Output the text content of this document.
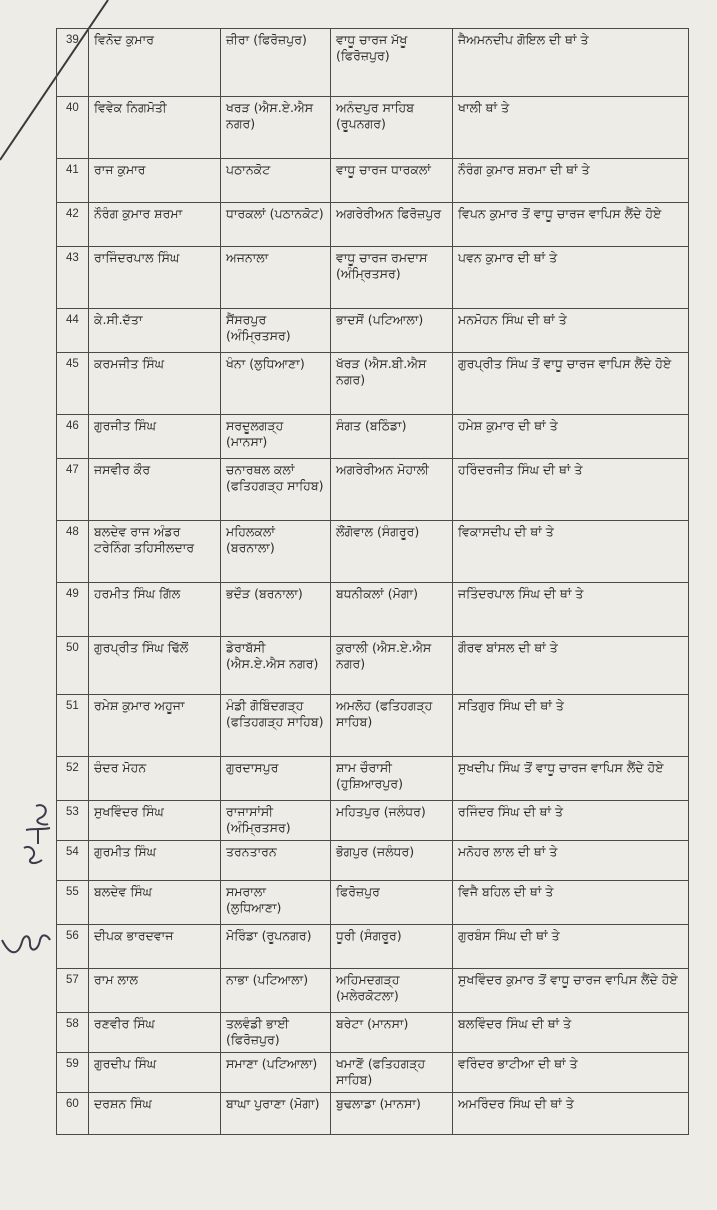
39	ਵਿਨੋਦ ਕੁਮਾਰ	ਜ਼ੀਰਾ (ਫਿਰੋਜ਼ਪੁਰ)	ਵਾਧੂ ਚਾਰਜ ਮੱਖੂ (ਫਿਰੋਜ਼ਪੁਰ)	ਜੈਅਮਨਦੀਪ ਗੋਇਲ ਦੀ ਥਾਂ ਤੇ
40	ਵਿਵੇਕ ਨਿਗਮੋਤੀ	ਖਰੜ (ਐਸ.ਏ.ਐਸ ਨਗਰ)	ਅਨੰਦਪੁਰ ਸਾਹਿਬ (ਰੂਪਨਗਰ)	ਖਾਲੀ ਥਾਂ ਤੇ
41	ਰਾਜ ਕੁਮਾਰ	ਪਠਾਨਕੋਟ	ਵਾਧੂ ਚਾਰਜ ਧਾਰਕਲਾਂ	ਨੌਰੰਗ ਕੁਮਾਰ ਸ਼ਰਮਾ ਦੀ ਥਾਂ ਤੇ
42	ਨੌਰੰਗ ਕੁਮਾਰ ਸ਼ਰਮਾ	ਧਾਰਕਲਾਂ (ਪਠਾਨਕੋਟ)	ਅਗਰੇਰੀਅਨ ਫਿਰੋਜ਼ਪੁਰ	ਵਿਪਨ ਕੁਮਾਰ ਤੋਂ ਵਾਧੂ ਚਾਰਜ ਵਾਪਿਸ ਲੈਂਦੇ ਹੋਏ
43	ਰਾਜਿੰਦਰਪਾਲ ਸਿੰਘ	ਅਜਨਾਲਾ	ਵਾਧੂ ਚਾਰਜ ਰਮਦਾਸ (ਅੰਮ੍ਰਿਤਸਰ)	ਪਵਨ ਕੁਮਾਰ ਦੀ ਥਾਂ ਤੇ
44	ਕੇ.ਸੀ.ਦੱਤਾ	ਸੈਂਸਰਪੁਰ (ਅੰਮ੍ਰਿਤਸਰ)	ਭਾਦਸੋਂ (ਪਟਿਆਲਾ)	ਮਨਮੋਹਨ ਸਿੰਘ ਦੀ ਥਾਂ ਤੇ
45	ਕਰਮਜੀਤ ਸਿੰਘ	ਖੰਨਾ (ਲੁਧਿਆਣਾ)	ਖੱਰੜ (ਐਸ.ਬੀ.ਐਸ ਨਗਰ)	ਗੁਰਪ੍ਰੀਤ ਸਿੰਘ ਤੋਂ ਵਾਧੂ ਚਾਰਜ ਵਾਪਿਸ ਲੈਂਦੇ ਹੋਏ
46	ਗੁਰਜੀਤ ਸਿੰਘ	ਸਰਦੂਲਗੜ੍ਹ (ਮਾਨਸਾ)	ਸੰਗਤ (ਬਠਿੰਡਾ)	ਹਮੇਸ਼ ਕੁਮਾਰ ਦੀ ਥਾਂ ਤੇ
47	ਜਸਵੀਰ ਕੌਰ	ਚਨਾਰਥਲ ਕਲਾਂ (ਫਤਿਹਗੜ੍ਹ ਸਾਹਿਬ)	ਅਗਰੇਰੀਅਨ ਮੋਹਾਲੀ	ਹਰਿੰਦਰਜੀਤ ਸਿੰਘ ਦੀ ਥਾਂ ਤੇ
48	ਬਲਦੇਵ ਰਾਜ ਅੰਡਰ ਟਰੇਨਿੰਗ ਤਹਿਸੀਲਦਾਰ	ਮਹਿਲਕਲਾਂ (ਬਰਨਾਲਾ)	ਲੌਂਗੋਵਾਲ (ਸੰਗਰੂਰ)	ਵਿਕਾਸਦੀਪ ਦੀ ਥਾਂ ਤੇ
49	ਹਰਮੀਤ ਸਿੰਘ ਗਿੱਲ	ਭਦੌੜ (ਬਰਨਾਲਾ)	ਬਧਨੀਕਲਾਂ (ਮੋਗਾ)	ਜਤਿੰਦਰਪਾਲ ਸਿੰਘ ਦੀ ਥਾਂ ਤੇ
50	ਗੁਰਪ੍ਰੀਤ ਸਿੰਘ ਢਿੱਲੋਂ	ਡੇਰਾਬੱਸੀ (ਐਸ.ਏ.ਐਸ ਨਗਰ)	ਕੁਰਾਲੀ (ਐਸ.ਏ.ਐਸ ਨਗਰ)	ਗੌਰਵ ਬਾਂਸਲ ਦੀ ਥਾਂ ਤੇ
51	ਰਮੇਸ਼ ਕੁਮਾਰ ਅਹੂਜਾ	ਮੰਡੀ ਗੋਬਿੰਦਗੜ੍ਹ (ਫਤਿਹਗੜ੍ਹ ਸਾਹਿਬ)	ਅਮਲੋਹ (ਫਤਿਹਗੜ੍ਹ ਸਾਹਿਬ)	ਸਤਿਗੁਰ ਸਿੰਘ ਦੀ ਥਾਂ ਤੇ
52	ਚੰਦਰ ਮੋਹਨ	ਗੁਰਦਾਸਪੁਰ	ਸ਼ਾਮ ਚੌਰਾਸੀ (ਹੁਸ਼ਿਆਰਪੁਰ)	ਸੁਖਦੀਪ ਸਿੰਘ ਤੋਂ ਵਾਧੂ ਚਾਰਜ ਵਾਪਿਸ ਲੈਂਦੇ ਹੋਏ
53	ਸੁਖਵਿੰਦਰ ਸਿੰਘ	ਰਾਜਾਸਾਂਸੀ (ਅੰਮ੍ਰਿਤਸਰ)	ਮਹਿਤਪੁਰ (ਜਲੰਧਰ)	ਰਜਿੰਦਰ ਸਿੰਘ ਦੀ ਥਾਂ ਤੇ
54	ਗੁਰਮੀਤ ਸਿੰਘ	ਤਰਨਤਾਰਨ	ਭੋਗਪੁਰ (ਜਲੰਧਰ)	ਮਨੋਹਰ ਲਾਲ ਦੀ ਥਾਂ ਤੇ
55	ਬਲਦੇਵ ਸਿੰਘ	ਸਮਰਾਲਾ (ਲੁਧਿਆਣਾ)	ਫਿਰੋਜ਼ਪੁਰ	ਵਿਜੈ ਬਹਿਲ ਦੀ ਥਾਂ ਤੇ
56	ਦੀਪਕ ਭਾਰਦਵਾਜ	ਮੋਰਿੰਡਾ (ਰੂਪਨਗਰ)	ਧੂਰੀ (ਸੰਗਰੂਰ)	ਗੁਰਬੰਸ ਸਿੰਘ ਦੀ ਥਾਂ ਤੇ
57	ਰਾਮ ਲਾਲ	ਨਾਭਾ (ਪਟਿਆਲਾ)	ਅਹਿਮਦਗੜ੍ਹ (ਮਲੇਰਕੋਟਲਾ)	ਸੁਖਵਿੰਦਰ ਕੁਮਾਰ ਤੋਂ ਵਾਧੂ ਚਾਰਜ ਵਾਪਿਸ ਲੈਂਦੇ ਹੋਏ
58	ਰਣਵੀਰ ਸਿੰਘ	ਤਲਵੰਡੀ ਭਾਈ (ਫਿਰੋਜ਼ਪੁਰ)	ਬਰੇਟਾ (ਮਾਨਸਾ)	ਬਲਵਿੰਦਰ ਸਿੰਘ ਦੀ ਥਾਂ ਤੇ
59	ਗੁਰਦੀਪ ਸਿੰਘ	ਸਮਾਣਾ (ਪਟਿਆਲਾ)	ਖਮਾਣੋਂ (ਫਤਿਹਗੜ੍ਹ ਸਾਹਿਬ)	ਵਰਿੰਦਰ ਭਾਟੀਆ ਦੀ ਥਾਂ ਤੇ
60	ਦਰਸ਼ਨ ਸਿੰਘ	ਬਾਘਾ ਪੁਰਾਣਾ (ਮੋਗਾ)	ਬੁਢਲਾਡਾ (ਮਾਨਸਾ)	ਅਮਰਿੰਦਰ ਸਿੰਘ ਦੀ ਥਾਂ ਤੇ
